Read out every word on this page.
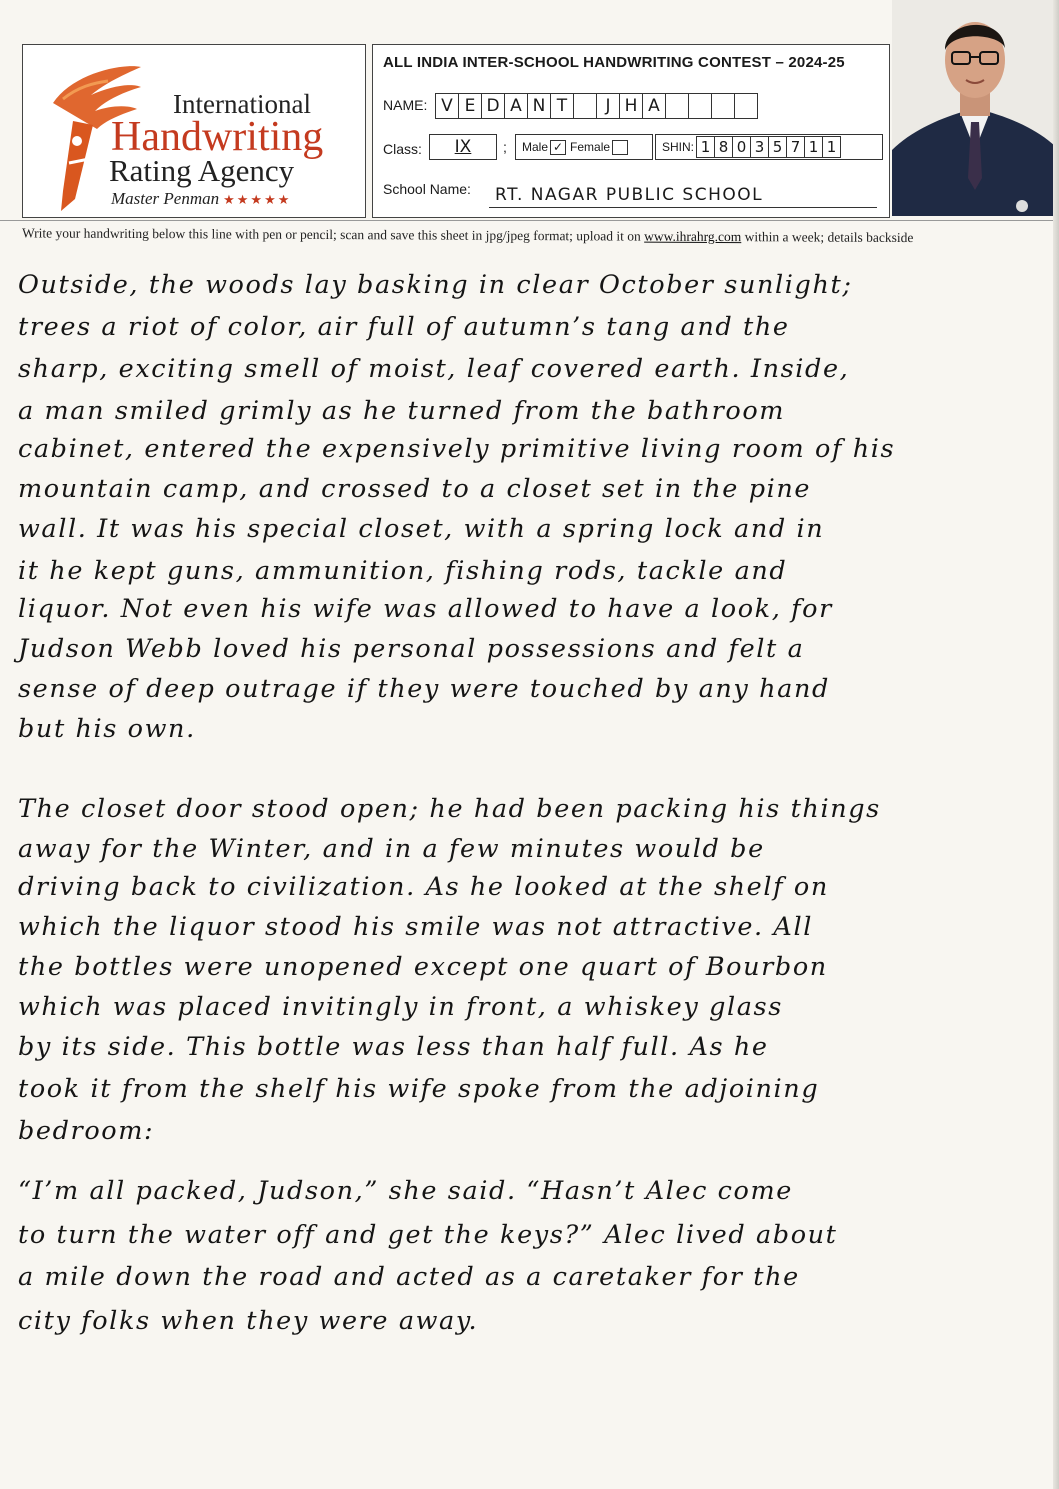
International
Handwriting
Rating Agency
Master Penman ★★★★★
ALL INDIA INTER-SCHOOL HANDWRITING CONTEST – 2024-25
NAME: V E D A N T	J H A
Class: IX ; Male ✓ Female	SHIN: 1 8 0 3 5 7 1 1
School Name: RT. NAGAR PUBLIC SCHOOL
Write your handwriting below this line with pen or pencil; scan and save this sheet in jpg/jpeg format; upload it on www.ihrahrg.com within a week; details backside
Outside, the woods lay basking in clear October sunlight;
trees a riot of color, air full of autumn’s tang and the
sharp, exciting smell of moist, leaf covered earth. Inside,
a man smiled grimly as he turned from the bathroom
cabinet, entered the expensively primitive living room of his
mountain camp, and crossed to a closet set in the pine
wall. It was his special closet, with a spring lock and in
it he kept guns, ammunition, fishing rods, tackle and
liquor. Not even his wife was allowed to have a look, for
Judson Webb loved his personal possessions and felt a
sense of deep outrage if they were touched by any hand
but his own.
The closet door stood open; he had been packing his things
away for the Winter, and in a few minutes would be
driving back to civilization. As he looked at the shelf on
which the liquor stood his smile was not attractive. All
the bottles were unopened except one quart of Bourbon
which was placed invitingly in front, a whiskey glass
by its side. This bottle was less than half full. As he
took it from the shelf his wife spoke from the adjoining
bedroom:
“I’m all packed, Judson,” she said. “Hasn’t Alec come
to turn the water off and get the keys?” Alec lived about
a mile down the road and acted as a caretaker for the
city folks when they were away.
